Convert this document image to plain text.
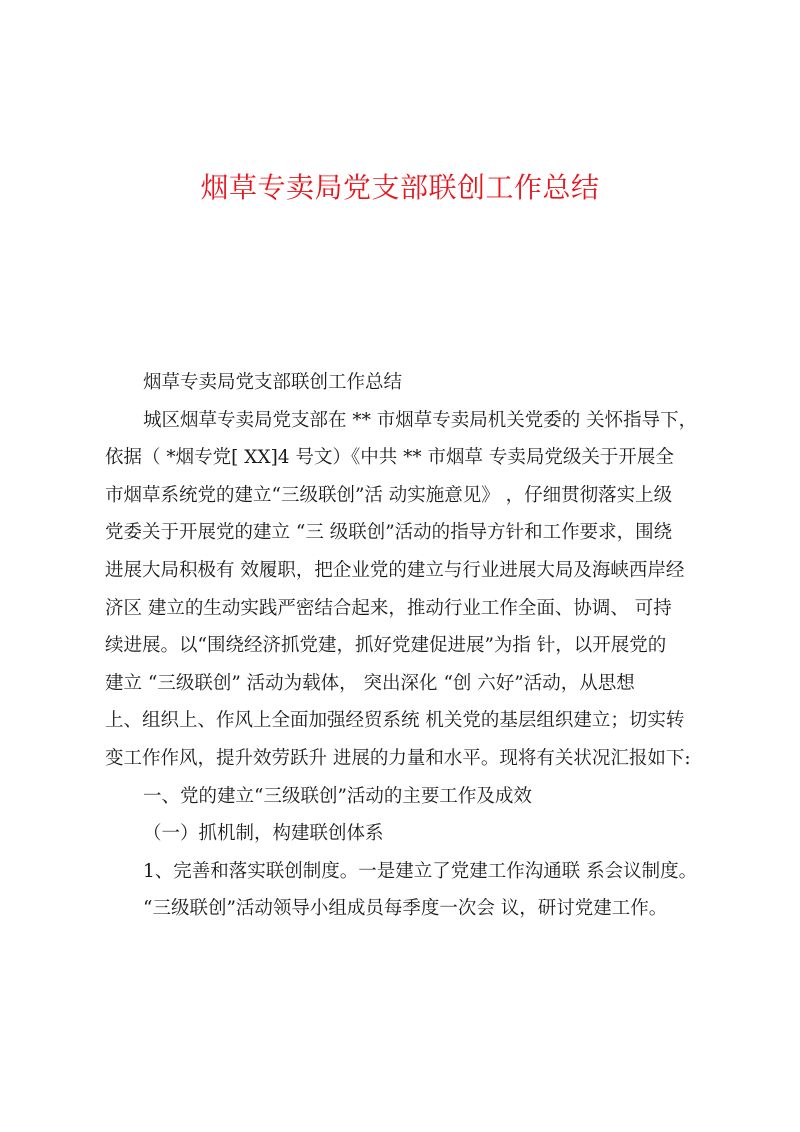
烟草专卖局党支部联创工作总结

烟草专卖局党支部联创工作总结

城区烟草专卖局党支部在 ** 市烟草专卖局机关党委的 关怀指导下，

依据（ *烟专党[ XX]4 号文）《中共 ** 市烟草 专卖局党级关于开展全

市烟草系统党的建立“三级联创”活 动实施意见》 ，仔细贯彻落实上级

党委关于开展党的建立 “三 级联创”活动的指导方针和工作要求，围绕

进展大局积极有 效履职，把企业党的建立与行业进展大局及海峡西岸经

济区 建立的生动实践严密结合起来，推动行业工作全面、协调、 可持

续进展。以“围绕经济抓党建，抓好党建促进展”为指 针，以开展党的

建立 “三级联创” 活动为载体， 突出深化 “创 六好”活动，从思想

上、组织上、作风上全面加强经贸系统 机关党的基层组织建立；切实转

变工作作风，提升效劳跃升 进展的力量和水平。现将有关状况汇报如下:

一、党的建立“三级联创”活动的主要工作及成效

（一）抓机制，构建联创体系

1、完善和落实联创制度。一是建立了党建工作沟通联 系会议制度。

“三级联创”活动领导小组成员每季度一次会 议，研讨党建工作。
